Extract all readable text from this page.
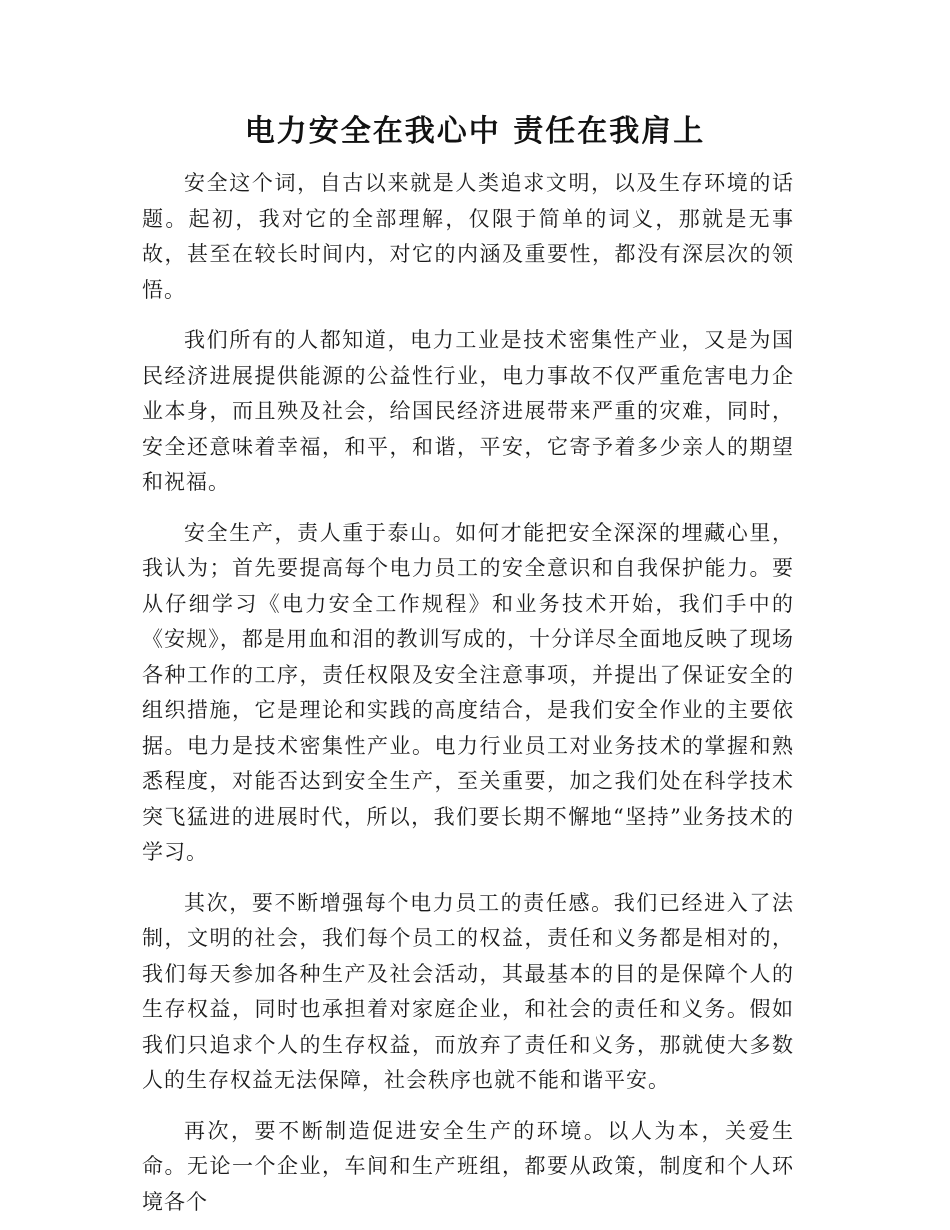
电力安全在我心中 责任在我肩上

安全这个词，自古以来就是人类追求文明，以及生存环境的话题。起初，我对它的全部理解，仅限于简单的词义，那就是无事故，甚至在较长时间内，对它的内涵及重要性，都没有深层次的领悟。

我们所有的人都知道，电力工业是技术密集性产业，又是为国民经济进展提供能源的公益性行业，电力事故不仅严重危害电力企业本身，而且殃及社会，给国民经济进展带来严重的灾难，同时，安全还意味着幸福，和平，和谐，平安，它寄予着多少亲人的期望和祝福。

安全生产，责人重于泰山。如何才能把安全深深的埋藏心里，我认为；首先要提高每个电力员工的安全意识和自我保护能力。要从仔细学习《电力安全工作规程》和业务技术开始，我们手中的《安规》，都是用血和泪的教训写成的，十分详尽全面地反映了现场各种工作的工序，责任权限及安全注意事项，并提出了保证安全的组织措施，它是理论和实践的高度结合，是我们安全作业的主要依据。电力是技术密集性产业。电力行业员工对业务技术的掌握和熟悉程度，对能否达到安全生产，至关重要，加之我们处在科学技术突飞猛进的进展时代，所以，我们要长期不懈地“坚持”业务技术的学习。

其次，要不断增强每个电力员工的责任感。我们已经进入了法制，文明的社会，我们每个员工的权益，责任和义务都是相对的，我们每天参加各种生产及社会活动，其最基本的目的是保障个人的生存权益，同时也承担着对家庭企业，和社会的责任和义务。假如我们只追求个人的生存权益，而放弃了责任和义务，那就使大多数人的生存权益无法保障，社会秩序也就不能和谐平安。

再次，要不断制造促进安全生产的环境。以人为本，关爱生命。无论一个企业，车间和生产班组，都要从政策，制度和个人环境各个
